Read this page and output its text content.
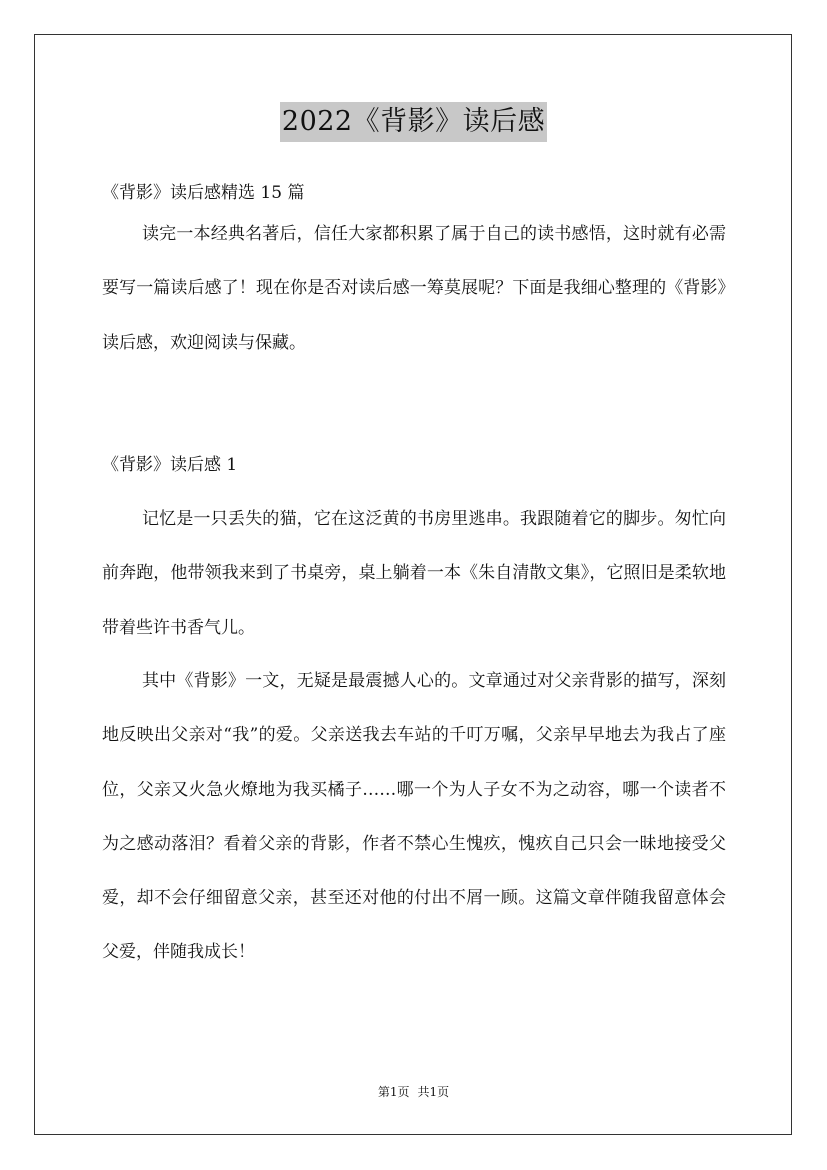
2022《背影》读后感
《背影》读后感精选 15 篇

读完一本经典名著后，信任大家都积累了属于自己的读书感悟，这时就有必需要写一篇读后感了！现在你是否对读后感一筹莫展呢？下面是我细心整理的《背影》读后感，欢迎阅读与保藏。

《背影》读后感 1

记忆是一只丢失的猫，它在这泛黄的书房里逃串。我跟随着它的脚步。匆忙向前奔跑，他带领我来到了书桌旁，桌上躺着一本《朱自清散文集》，它照旧是柔软地带着些许书香气儿。

其中《背影》一文，无疑是最震撼人心的。文章通过对父亲背影的描写，深刻地反映出父亲对“我”的爱。父亲送我去车站的千叮万嘱，父亲早早地去为我占了座位，父亲又火急火燎地为我买橘子……哪一个为人子女不为之动容，哪一个读者不为之感动落泪？看着父亲的背影，作者不禁心生愧疚，愧疚自己只会一昧地接受父爱，却不会仔细留意父亲，甚至还对他的付出不屑一顾。这篇文章伴随我留意体会父爱，伴随我成长！

第1页 共1页
